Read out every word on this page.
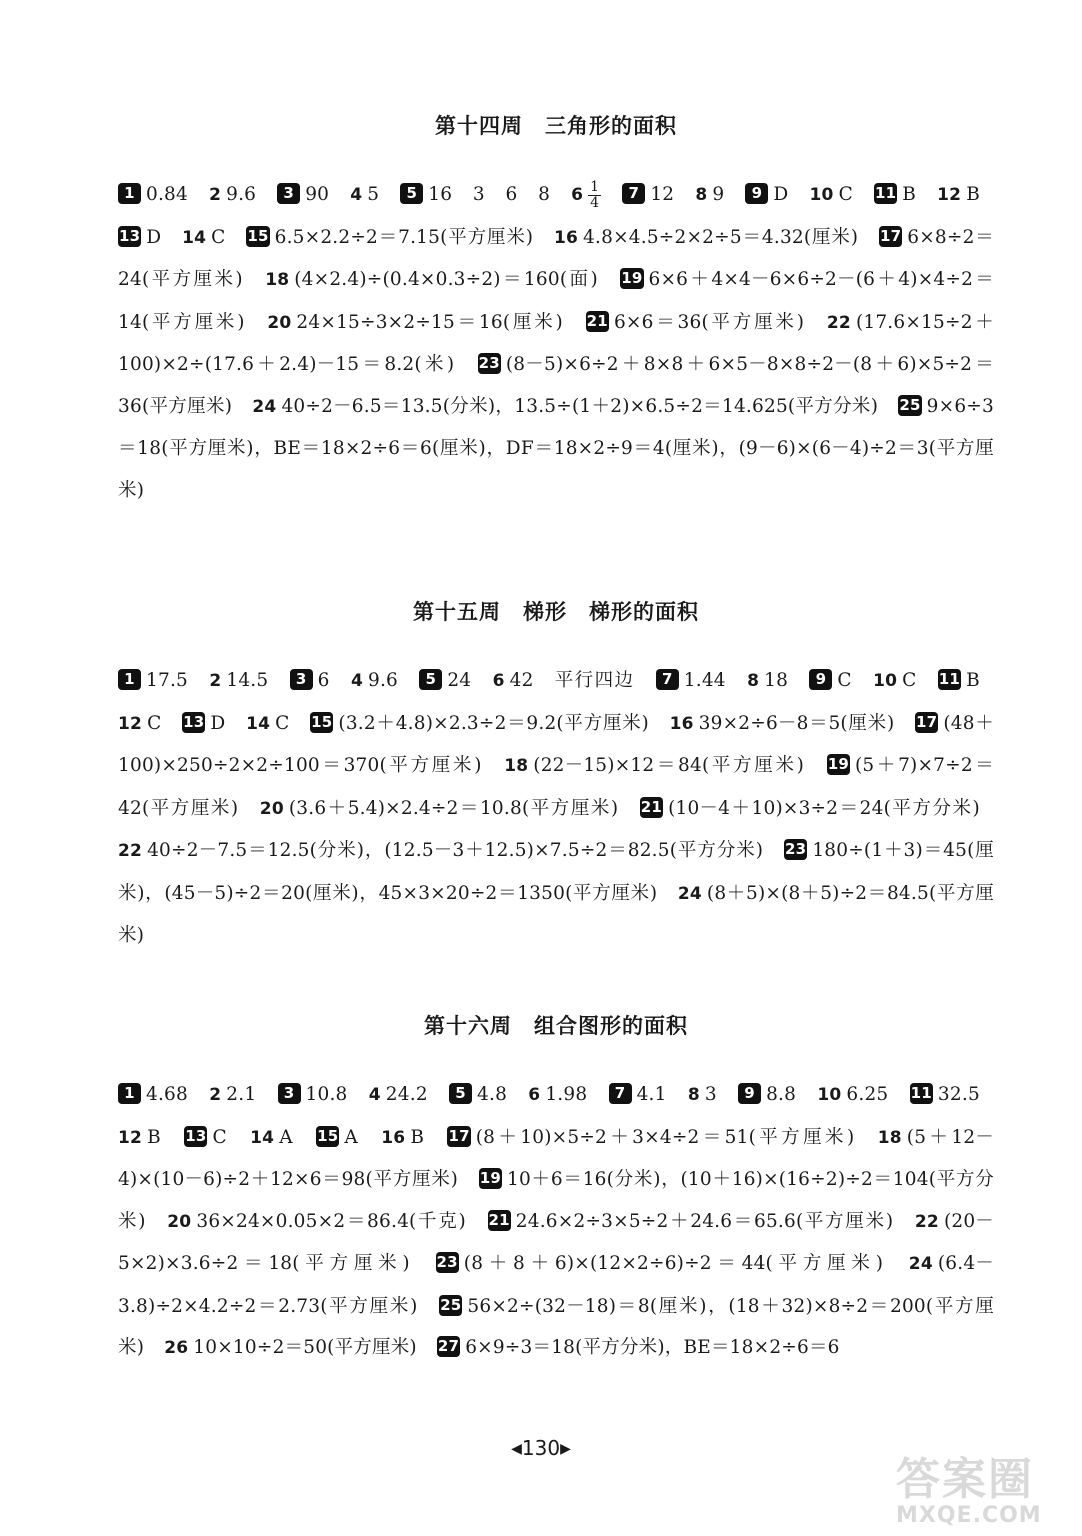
第十四周　三角形的面积
1 0.84 2 9.6 3 90 4 5 5 16　3　6　8 $6 \frac{1}{4} 7$ 12 8 9 9 D 10 C 11 B 12 B 13 D 14 C 15 6.5×2.2÷2＝7.15(平方厘米) 16 4.8×4.5÷2×2÷5＝4.32(厘米) 17 6×8÷2＝24(平方厘米) 18 (4×2.4)÷(0.4×0.3÷2)＝160(面) 19 6×6＋4×4－6×6÷2－(6＋4)×4÷2＝14(平方厘米) 20 24×15÷3×2÷15＝16(厘米) 21 6×6＝36(平方厘米) 22 (17.6×15÷2＋100)×2÷(17.6＋2.4)－15＝8.2(米) 23 (8－5)×6÷2＋8×8＋6×5－8×8÷2－(8＋6)×5÷2＝36(平方厘米) 24 40÷2－6.5＝13.5(分米)，13.5÷(1＋2)×6.5÷2＝14.625(平方分米) 25 9×6÷3＝18(平方厘米)，BE＝18×2÷6＝6(厘米)，DF＝18×2÷9＝4(厘米)，(9－6)×(6－4)÷2＝3(平方厘米)
第十五周　梯形　梯形的面积
1 17.5 2 14.5 3 6 4 9.6 5 24 6 42　平行四边 7 1.44 8 18 9 C 10 C 11 B 12 C 13 D 14 C 15 (3.2＋4.8)×2.3÷2＝9.2(平方厘米) 16 39×2÷6－8＝5(厘米) 17 (48＋100)×250÷2×2÷100＝370(平方厘米) 18 (22－15)×12＝84(平方厘米) 19 (5＋7)×7÷2＝42(平方厘米) 20 (3.6＋5.4)×2.4÷2＝10.8(平方厘米) 21 (10－4＋10)×3÷2＝24(平方分米) 22 40÷2－7.5＝12.5(分米)，(12.5－3＋12.5)×7.5÷2＝82.5(平方分米) 23 180÷(1＋3)＝45(厘米)，(45－5)÷2＝20(厘米)，45×3×20÷2＝1350(平方厘米) 24 (8＋5)×(8＋5)÷2＝84.5(平方厘米)
第十六周　组合图形的面积
1 4.68 2 2.1 3 10.8 4 24.2 5 4.8 6 1.98 7 4.1 8 3 9 8.8 10 6.25 11 32.5 12 B 13 C 14 A 15 A 16 B 17 (8＋10)×5÷2＋3×4÷2＝51(平方厘米) 18 (5＋12－4)×(10－6)÷2＋12×6＝98(平方厘米) 19 10＋6＝16(分米)，(10＋16)×(16÷2)÷2＝104(平方分米) 20 36×24×0.05×2＝86.4(千克) 21 24.6×2÷3×5÷2＋24.6＝65.6(平方厘米) 22 (20－5×2)×3.6÷2＝18(平方厘米) 23 (8＋8＋6)×(12×2÷6)÷2＝44(平方厘米) 24 (6.4－3.8)÷2×4.2÷2＝2.73(平方厘米) 25 56×2÷(32－18)＝8(厘米)，(18＋32)×8÷2＝200(平方厘米) 26 10×10÷2＝50(平方厘米) 27 6×9÷3＝18(平方分米)，BE＝18×2÷6＝6
◀130▶
答案圈
MXQE.COM
